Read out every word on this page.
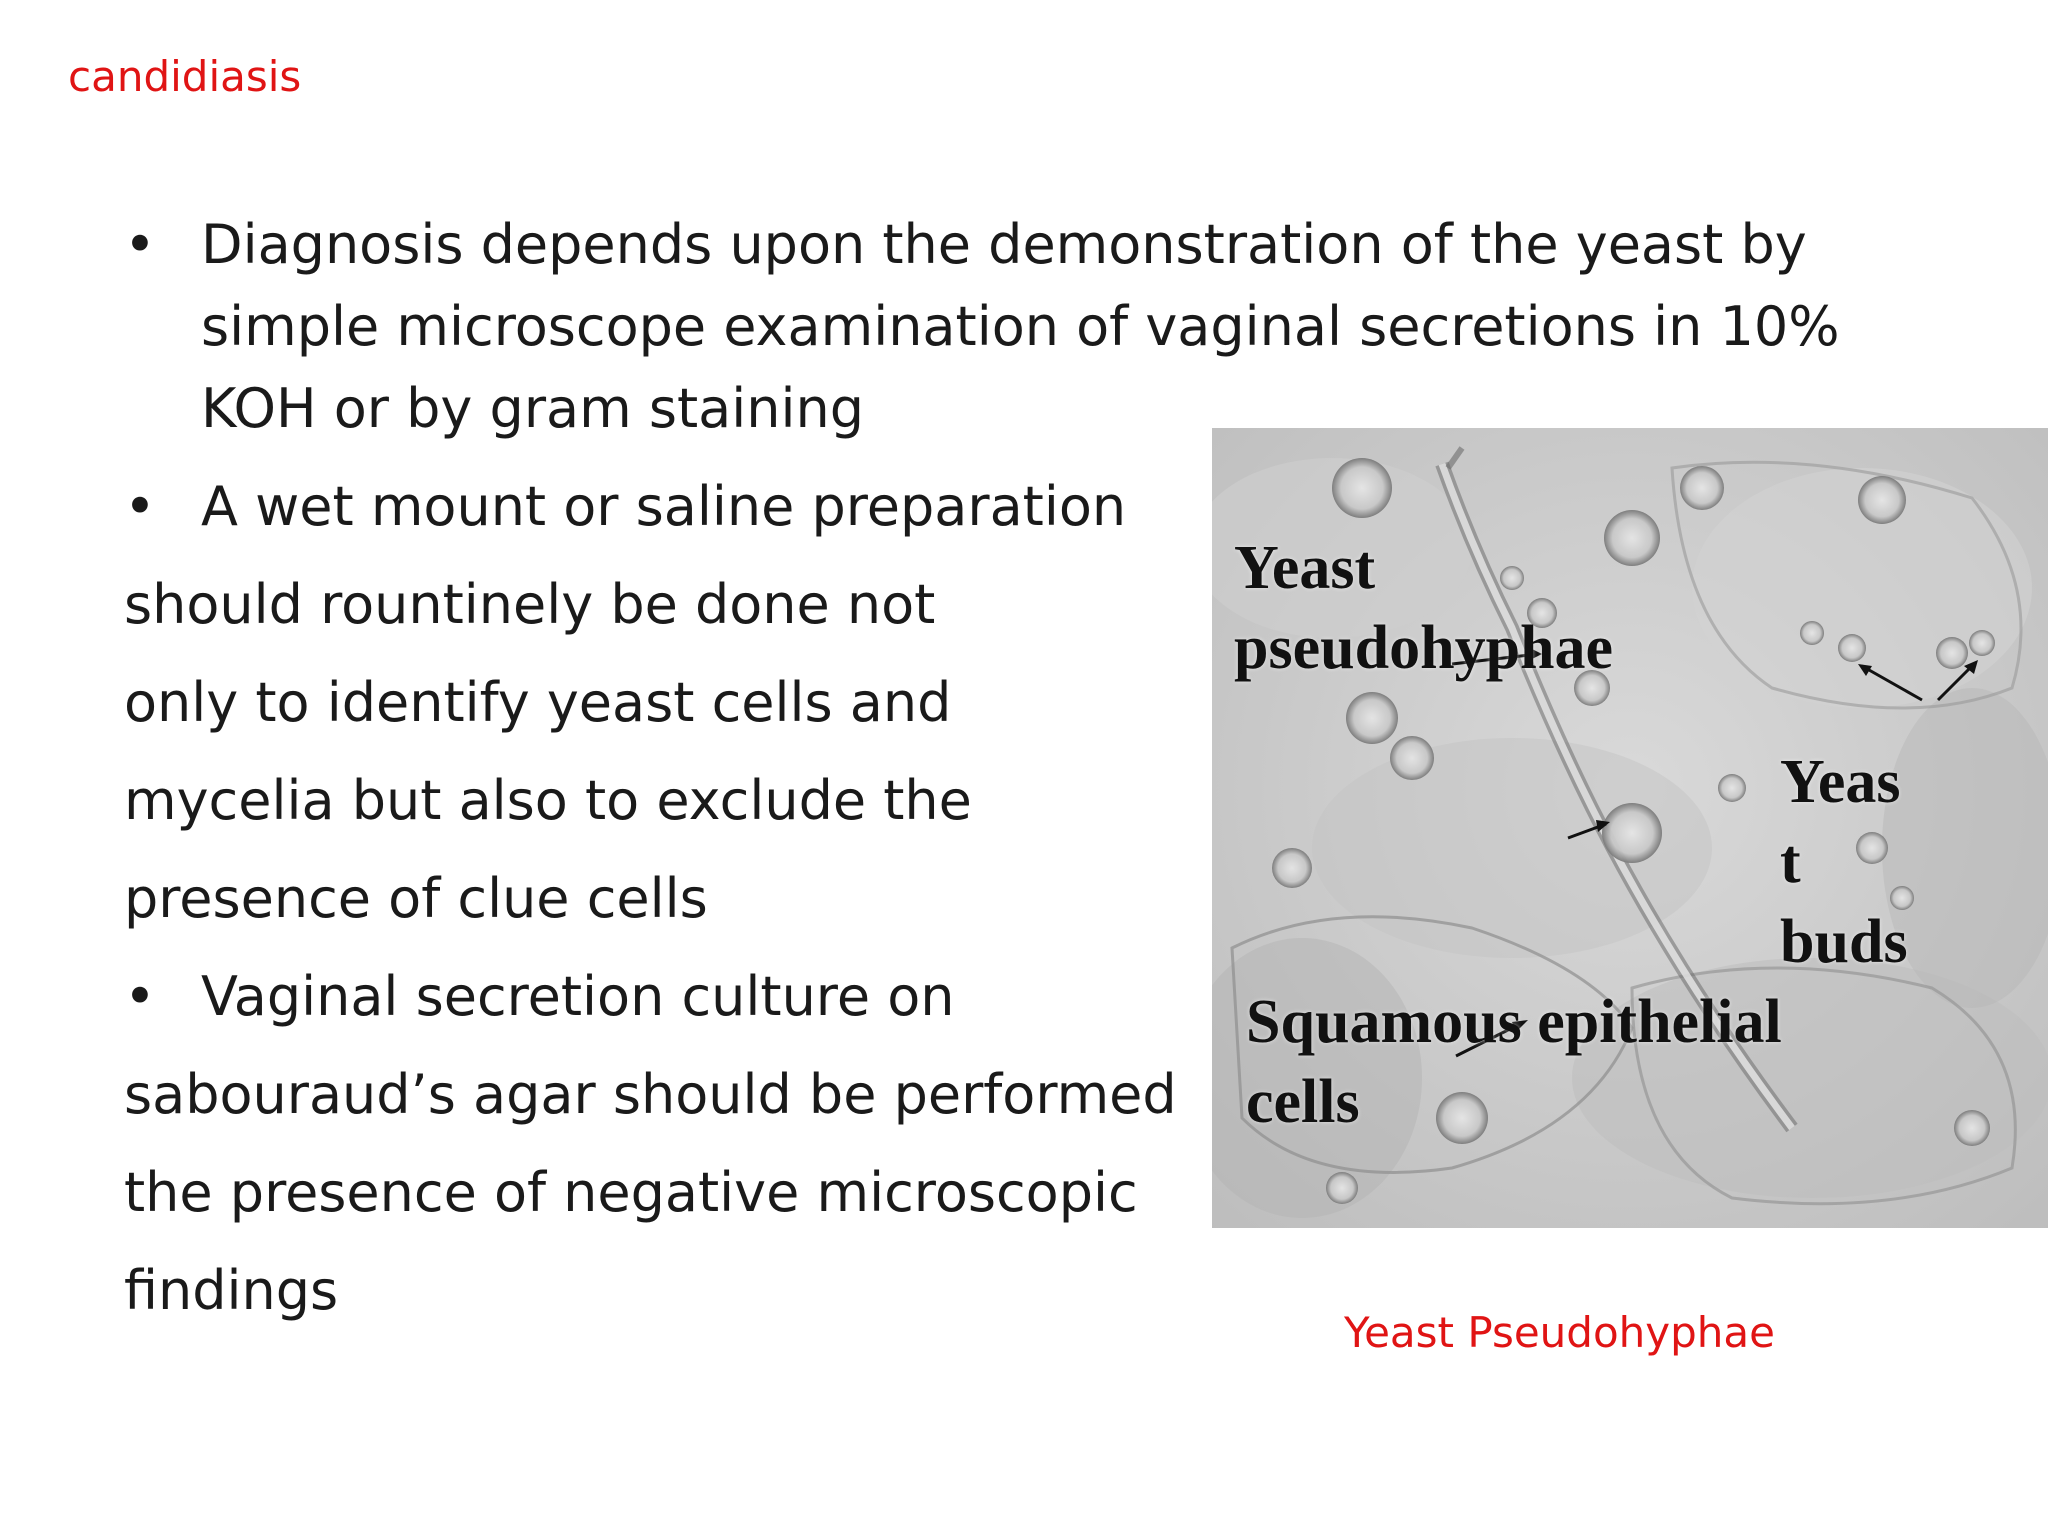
candidiasis
• Diagnosis depends upon the demonstration of the yeast by simple microscope examination of vaginal secretions in 10% KOH or by gram staining
• A wet mount or saline preparation
should rountinely be done not
only to identify yeast cells and
mycelia but also to exclude the
presence of clue cells
• Vaginal secretion culture on
sabouraud’s agar should be performed
the presence of negative microscopic
findings
Yeast
pseudohyphae
Yeas
t
buds
Squamous epithelial
cells
Yeast Pseudohyphae
